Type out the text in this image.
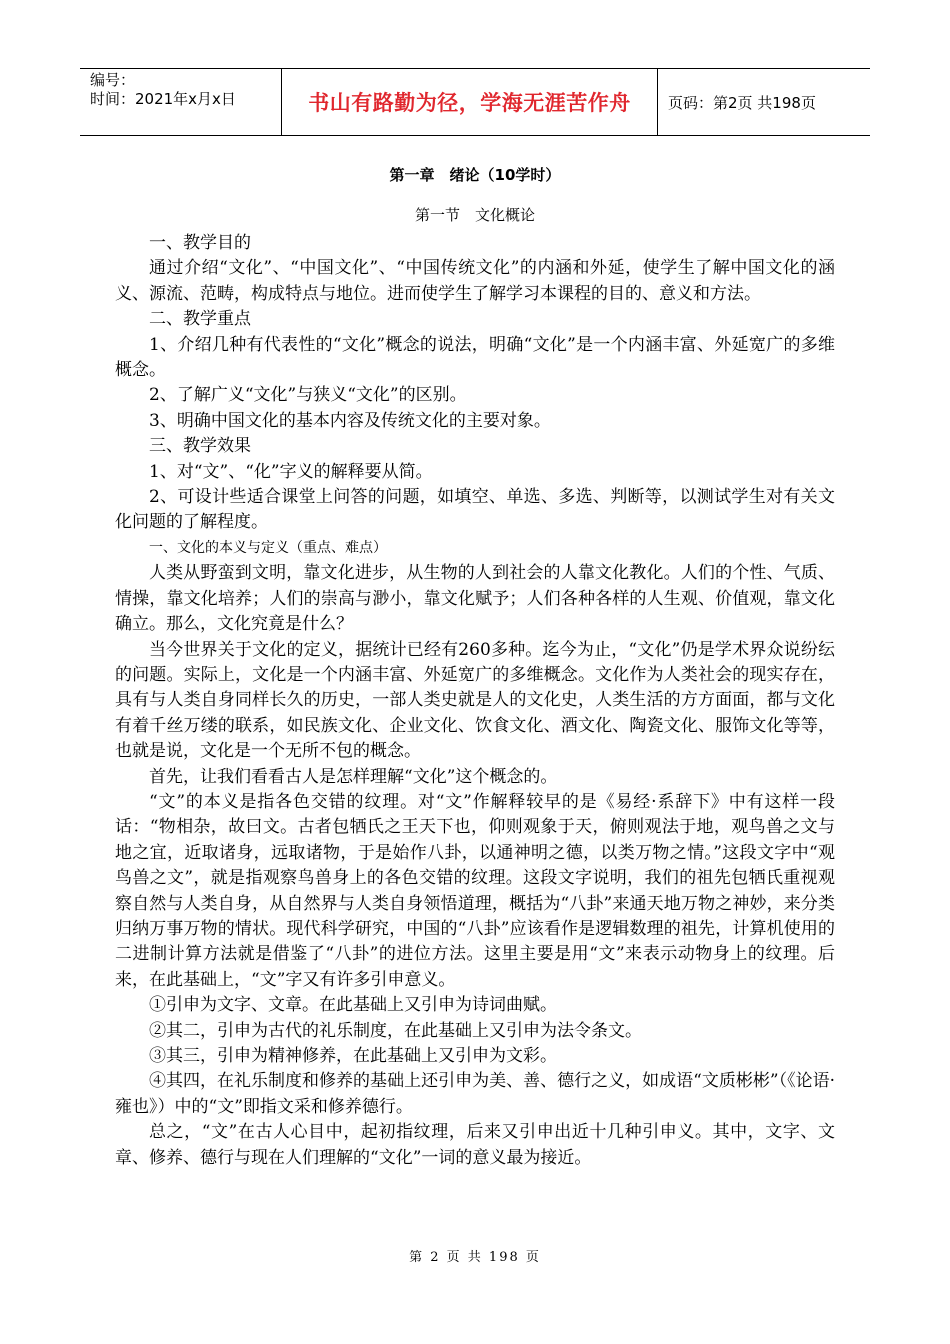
编号：
时间：2021年x月x日	书山有路勤为径，学海无涯苦作舟	页码：第2页 共198页
第一章　绪论（10学时）
第一节　文化概论

一、教学目的

通过介绍“文化”、“中国文化”、“中国传统文化”的内涵和外延，使学生了解中国文化的涵义、源流、范畴，构成特点与地位。进而使学生了解学习本课程的目的、意义和方法。

二、教学重点

1、介绍几种有代表性的“文化”概念的说法，明确“文化”是一个内涵丰富、外延宽广的多维概念。

2、了解广义“文化”与狭义“文化”的区别。

3、明确中国文化的基本内容及传统文化的主要对象。

三、教学效果

1、对“文”、“化”字义的解释要从简。

2、可设计些适合课堂上问答的问题，如填空、单选、多选、判断等，以测试学生对有关文化问题的了解程度。

一、文化的本义与定义（重点、难点）

人类从野蛮到文明，靠文化进步，从生物的人到社会的人靠文化教化。人们的个性、气质、情操，靠文化培养；人们的崇高与渺小，靠文化赋予；人们各种各样的人生观、价值观，靠文化确立。那么，文化究竟是什么？

当今世界关于文化的定义，据统计已经有260多种。迄今为止，“文化”仍是学术界众说纷纭的问题。实际上，文化是一个内涵丰富、外延宽广的多维概念。文化作为人类社会的现实存在，具有与人类自身同样长久的历史，一部人类史就是人的文化史，人类生活的方方面面，都与文化有着千丝万缕的联系，如民族文化、企业文化、饮食文化、酒文化、陶瓷文化、服饰文化等等，也就是说，文化是一个无所不包的概念。

首先，让我们看看古人是怎样理解“文化”这个概念的。

“文”的本义是指各色交错的纹理。对“文”作解释较早的是《易经·系辞下》中有这样一段话：“物相杂，故曰文。古者包牺氏之王天下也，仰则观象于天，俯则观法于地，观鸟兽之文与地之宜，近取诸身，远取诸物，于是始作八卦，以通神明之德，以类万物之情。”这段文字中“观鸟兽之文”，就是指观察鸟兽身上的各色交错的纹理。这段文字说明，我们的祖先包牺氏重视观察自然与人类自身，从自然界与人类自身领悟道理，概括为“八卦”来通天地万物之神妙，来分类归纳万事万物的情状。现代科学研究，中国的“八卦”应该看作是逻辑数理的祖先，计算机使用的二进制计算方法就是借鉴了“八卦”的进位方法。这里主要是用“文”来表示动物身上的纹理。后来，在此基础上，“文”字又有许多引申意义。

①引申为文字、文章。在此基础上又引申为诗词曲赋。

②其二，引申为古代的礼乐制度，在此基础上又引申为法令条文。

③其三，引申为精神修养，在此基础上又引申为文彩。

④其四，在礼乐制度和修养的基础上还引申为美、善、德行之义，如成语“文质彬彬”（《论语·雍也》）中的“文”即指文采和修养德行。

总之，“文”在古人心目中，起初指纹理，后来又引申出近十几种引申义。其中，文字、文章、修养、德行与现在人们理解的“文化”一词的意义最为接近。

第 2 页 共 198 页
